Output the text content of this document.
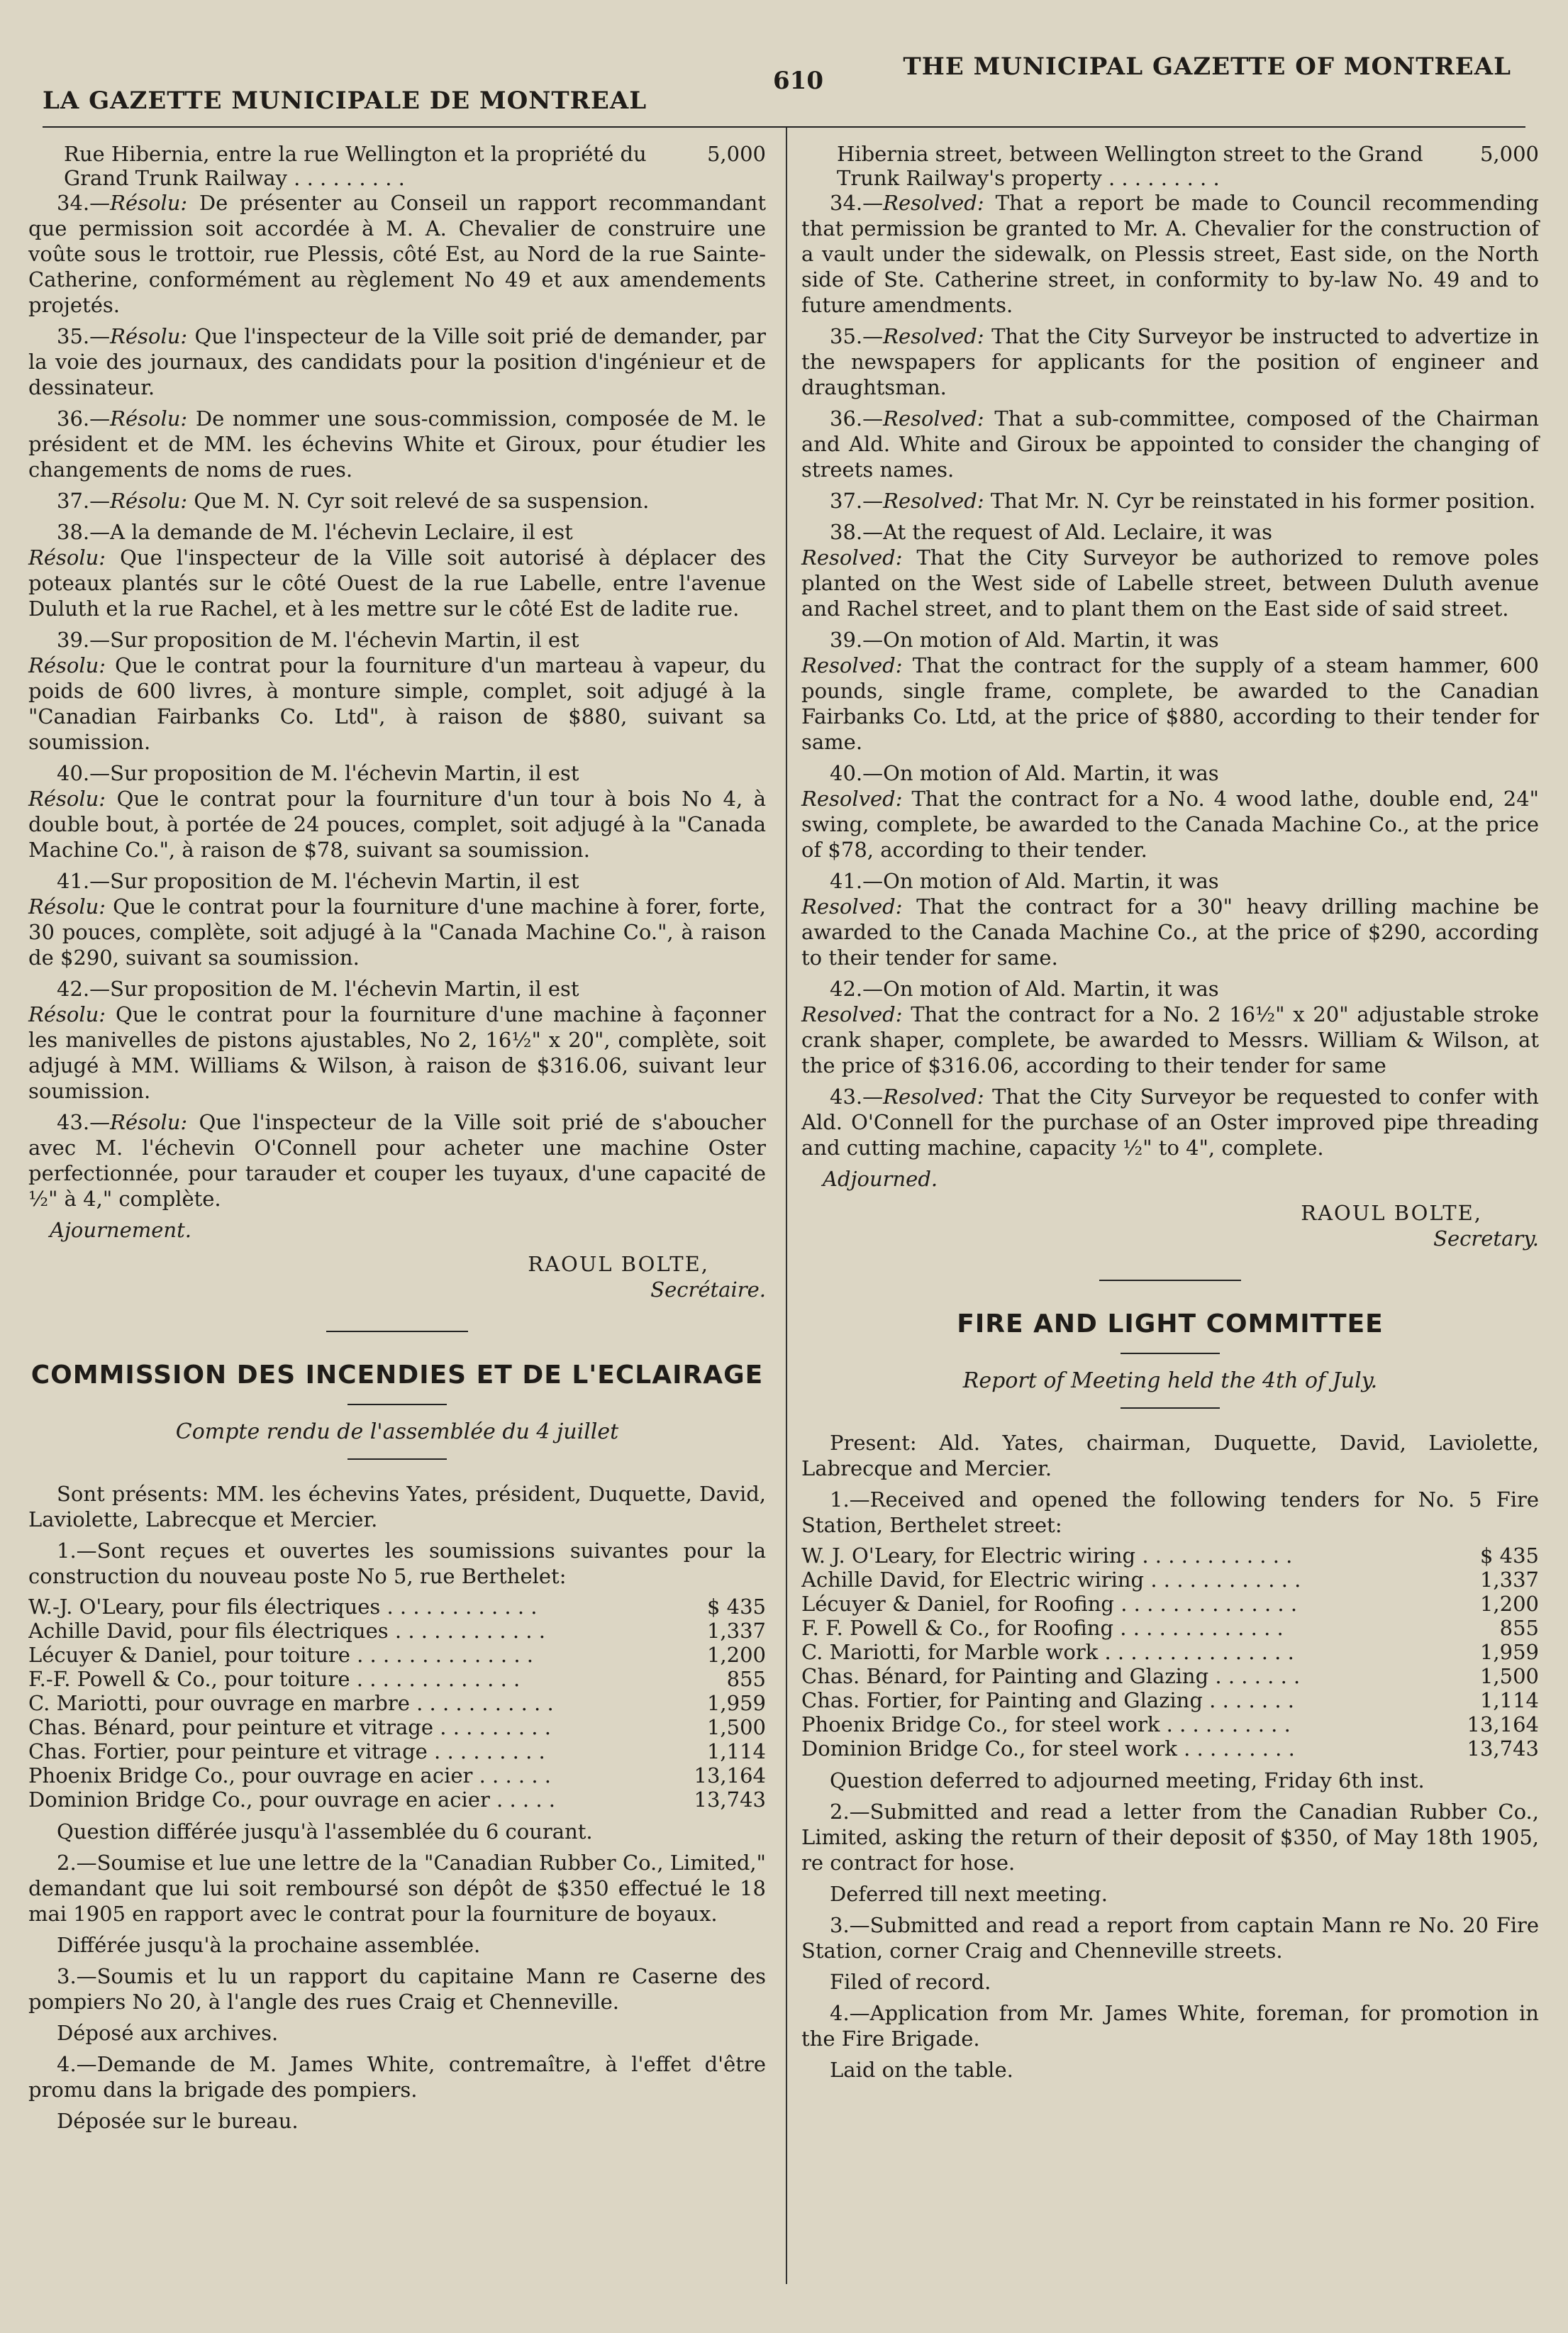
LA GAZETTE MUNICIPALE DE MONTREAL
610	THE MUNICIPAL GAZETTE OF MONTREAL
Rue Hibernia, entre la rue Wellington et la propriété du Grand Trunk Railway . . . . . . . . .
5,000

34.—Résolu: De présenter au Conseil un rapport recommandant que permission soit accordée à M. A. Chevalier de construire une voûte sous le trottoir, rue Plessis, côté Est, au Nord de la rue Sainte-Catherine, conformément au règlement No 49 et aux amendements projetés.

35.—Résolu: Que l'inspecteur de la Ville soit prié de demander, par la voie des journaux, des candidats pour la position d'ingénieur et de dessinateur.

36.—Résolu: De nommer une sous-commission, composée de M. le président et de MM. les échevins White et Giroux, pour étudier les changements de noms de rues.

37.—Résolu: Que M. N. Cyr soit relevé de sa suspension.

38.—A la demande de M. l'échevin Leclaire, il est
Résolu: Que l'inspecteur de la Ville soit autorisé à déplacer des poteaux plantés sur le côté Ouest de la rue Labelle, entre l'avenue Duluth et la rue Rachel, et à les mettre sur le côté Est de ladite rue.

39.—Sur proposition de M. l'échevin Martin, il est
Résolu: Que le contrat pour la fourniture d'un marteau à vapeur, du poids de 600 livres, à monture simple, complet, soit adjugé à la "Canadian Fairbanks Co. Ltd", à raison de $880, suivant sa soumission.

40.—Sur proposition de M. l'échevin Martin, il est
Résolu: Que le contrat pour la fourniture d'un tour à bois No 4, à double bout, à portée de 24 pouces, complet, soit adjugé à la "Canada Machine Co.", à raison de $78, suivant sa soumission.

41.—Sur proposition de M. l'échevin Martin, il est
Résolu: Que le contrat pour la fourniture d'une machine à forer, forte, 30 pouces, complète, soit adjugé à la "Canada Machine Co.", à raison de $290, suivant sa soumission.

42.—Sur proposition de M. l'échevin Martin, il est
Résolu: Que le contrat pour la fourniture d'une machine à façonner les manivelles de pistons ajustables, No 2, 16½" x 20", complète, soit adjugé à MM. Williams & Wilson, à raison de $316.06, suivant leur soumission.

43.—Résolu: Que l'inspecteur de la Ville soit prié de s'aboucher avec M. l'échevin O'Connell pour acheter une machine Oster perfectionnée, pour tarauder et couper les tuyaux, d'une capacité de ½" à 4," complète.

Ajournement.

RAOUL BOLTE,
Secrétaire.
COMMISSION DES INCENDIES ET DE L'ECLAIRAGE
Compte rendu de l'assemblée du 4 juillet

Sont présents: MM. les échevins Yates, président, Duquette, David, Laviolette, Labrecque et Mercier.

1.—Sont reçues et ouvertes les soumissions suivantes pour la construction du nouveau poste No 5, rue Berthelet:

W.-J. O'Leary, pour fils électriques . . . . . . . . . . . .	$ 435
Achille David, pour fils électriques . . . . . . . . . . . .	1,337
Lécuyer & Daniel, pour toiture . . . . . . . . . . . . . .	1,200
F.-F. Powell & Co., pour toiture . . . . . . . . . . . . .	855
C. Mariotti, pour ouvrage en marbre . . . . . . . . . . .	1,959
Chas. Bénard, pour peinture et vitrage . . . . . . . . .	1,500
Chas. Fortier, pour peinture et vitrage . . . . . . . . .	1,114
Phoenix Bridge Co., pour ouvrage en acier . . . . . .	13,164
Dominion Bridge Co., pour ouvrage en acier . . . . .	13,743

Question différée jusqu'à l'assemblée du 6 courant.

2.—Soumise et lue une lettre de la "Canadian Rubber Co., Limited," demandant que lui soit remboursé son dépôt de $350 effectué le 18 mai 1905 en rapport avec le contrat pour la fourniture de boyaux.

Différée jusqu'à la prochaine assemblée.

3.—Soumis et lu un rapport du capitaine Mann re Caserne des pompiers No 20, à l'angle des rues Craig et Chenneville.

Déposé aux archives.

4.—Demande de M. James White, contremaître, à l'effet d'être promu dans la brigade des pompiers.

Déposée sur le bureau.

Hibernia street, between Wellington street to the Grand Trunk Railway's property . . . . . . . . .
5,000

34.—Resolved: That a report be made to Council recommending that permission be granted to Mr. A. Chevalier for the construction of a vault under the sidewalk, on Plessis street, East side, on the North side of Ste. Catherine street, in conformity to by-law No. 49 and to future amendments.

35.—Resolved: That the City Surveyor be instructed to advertize in the newspapers for applicants for the position of engineer and draughtsman.

36.—Resolved: That a sub-committee, composed of the Chairman and Ald. White and Giroux be appointed to consider the changing of streets names.

37.—Resolved: That Mr. N. Cyr be reinstated in his former position.

38.—At the request of Ald. Leclaire, it was
Resolved: That the City Surveyor be authorized to remove poles planted on the West side of Labelle street, between Duluth avenue and Rachel street, and to plant them on the East side of said street.

39.—On motion of Ald. Martin, it was
Resolved: That the contract for the supply of a steam hammer, 600 pounds, single frame, complete, be awarded to the Canadian Fairbanks Co. Ltd, at the price of $880, according to their tender for same.

40.—On motion of Ald. Martin, it was
Resolved: That the contract for a No. 4 wood lathe, double end, 24" swing, complete, be awarded to the Canada Machine Co., at the price of $78, according to their tender.

41.—On motion of Ald. Martin, it was
Resolved: That the contract for a 30" heavy drilling machine be awarded to the Canada Machine Co., at the price of $290, according to their tender for same.

42.—On motion of Ald. Martin, it was
Resolved: That the contract for a No. 2 16½" x 20" adjustable stroke crank shaper, complete, be awarded to Messrs. William & Wilson, at the price of $316.06, according to their tender for same

43.—Resolved: That the City Surveyor be requested to confer with Ald. O'Connell for the purchase of an Oster improved pipe threading and cutting machine, capacity ½" to 4", complete.

Adjourned.

RAOUL BOLTE,
Secretary.
FIRE AND LIGHT COMMITTEE
Report of Meeting held the 4th of July.

Present: Ald. Yates, chairman, Duquette, David, Laviolette, Labrecque and Mercier.

1.—Received and opened the following tenders for No. 5 Fire Station, Berthelet street:

W. J. O'Leary, for Electric wiring . . . . . . . . . . . .	$ 435
Achille David, for Electric wiring . . . . . . . . . . . .	1,337
Lécuyer & Daniel, for Roofing . . . . . . . . . . . . . .	1,200
F. F. Powell & Co., for Roofing . . . . . . . . . . . . .	855
C. Mariotti, for Marble work . . . . . . . . . . . . . . .	1,959
Chas. Bénard, for Painting and Glazing . . . . . . .	1,500
Chas. Fortier, for Painting and Glazing . . . . . . .	1,114
Phoenix Bridge Co., for steel work . . . . . . . . . .	13,164
Dominion Bridge Co., for steel work . . . . . . . . .	13,743

Question deferred to adjourned meeting, Friday 6th inst.

2.—Submitted and read a letter from the Canadian Rubber Co., Limited, asking the return of their deposit of $350, of May 18th 1905, re contract for hose.

Deferred till next meeting.

3.—Submitted and read a report from captain Mann re No. 20 Fire Station, corner Craig and Chenneville streets.

Filed of record.

4.—Application from Mr. James White, foreman, for promotion in the Fire Brigade.

Laid on the table.
